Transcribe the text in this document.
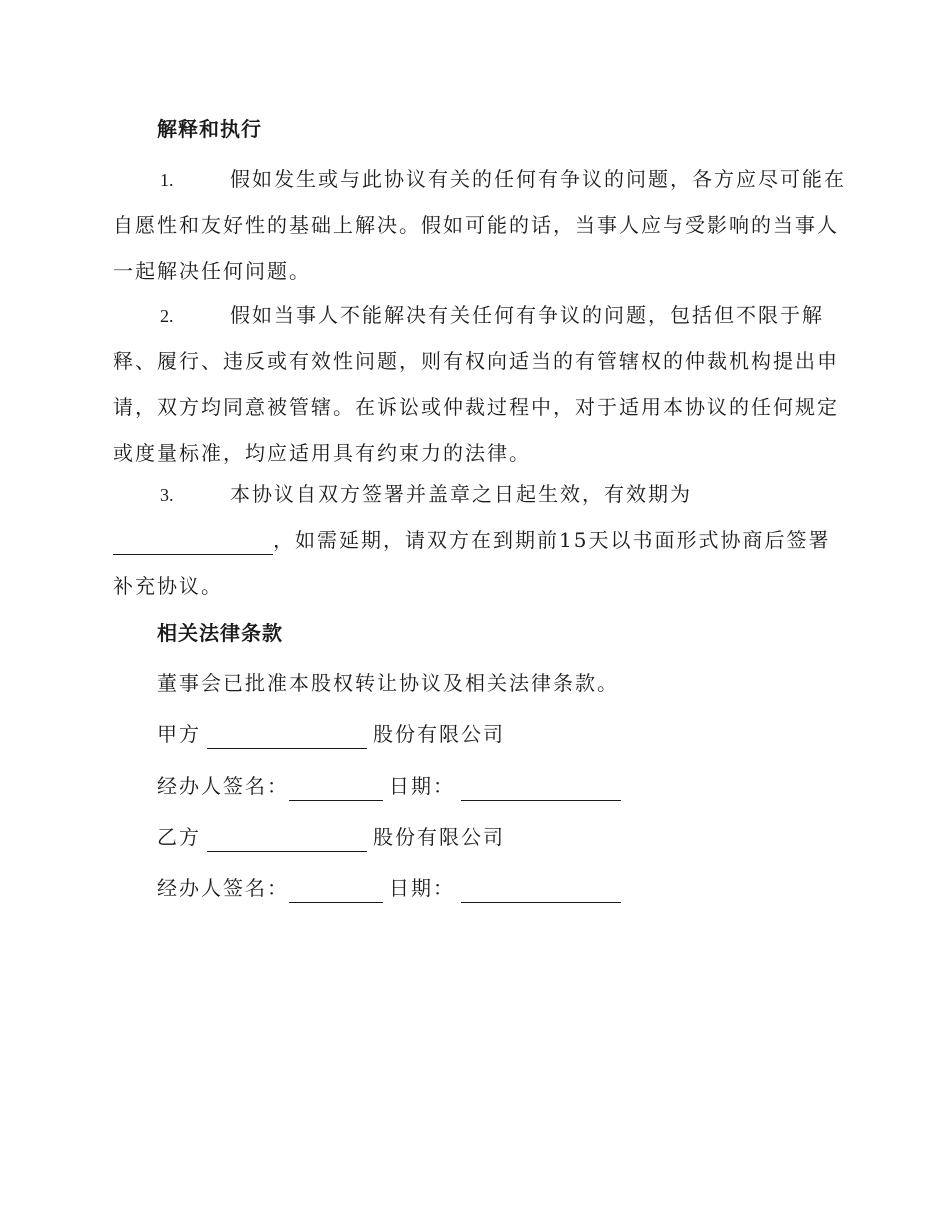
解释和执行
1.	假如发生或与此协议有关的任何有争议的问题，各方应尽可能在
自愿性和友好性的基础上解决。假如可能的话，当事人应与受影响的当事人
一起解决任何问题。
2.	假如当事人不能解决有关任何有争议的问题，包括但不限于解
释、履行、违反或有效性问题，则有权向适当的有管辖权的仲裁机构提出申
请，双方均同意被管辖。在诉讼或仲裁过程中，对于适用本协议的任何规定
或度量标准，均应适用具有约束力的法律。
3.	本协议自双方签署并盖章之日起生效，有效期为
，如需延期，请双方在到期前15天以书面形式协商后签署
补充协议。
相关法律条款
董事会已批准本股权转让协议及相关法律条款。
甲方	股份有限公司
经办人签名：	日期：
乙方	股份有限公司
经办人签名：	日期：
